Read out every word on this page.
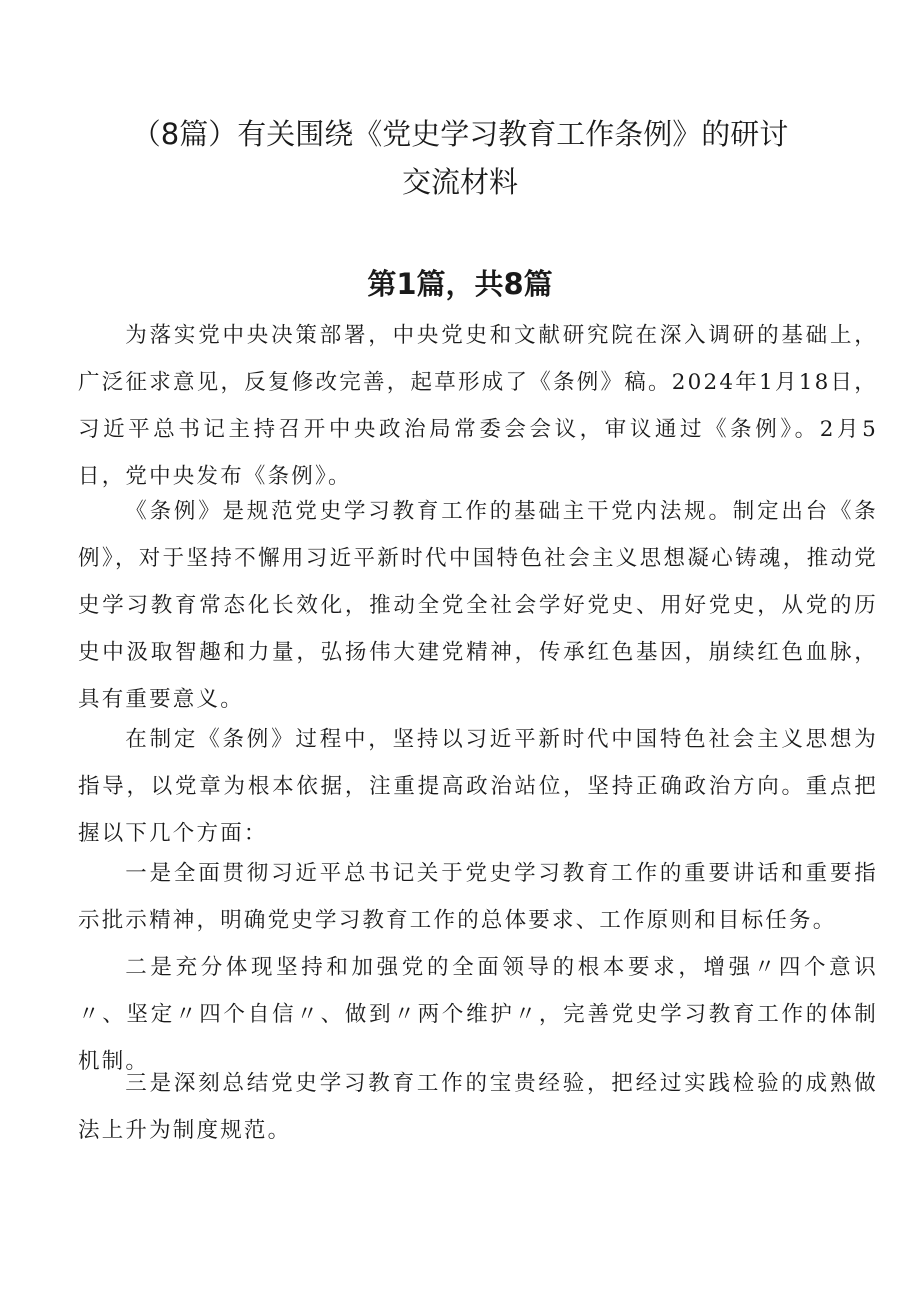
（8篇）有关围绕《党史学习教育工作条例》的研讨
交流材料
第1篇，共8篇

为落实党中央决策部署，中央党史和文献研究院在深入调研的基础上，广泛征求意见，反复修改完善，起草形成了《条例》稿。2024年1月18日，习近平总书记主持召开中央政治局常委会会议，审议通过《条例》。2月5日，党中央发布《条例》。

《条例》是规范党史学习教育工作的基础主干党内法规。制定出台《条例》，对于坚持不懈用习近平新时代中国特色社会主义思想凝心铸魂，推动党史学习教育常态化长效化，推动全党全社会学好党史、用好党史，从党的历史中汲取智趣和力量，弘扬伟大建党精神，传承红色基因，崩续红色血脉，具有重要意义。

在制定《条例》过程中，坚持以习近平新时代中国特色社会主义思想为指导，以党章为根本依据，注重提高政治站位，坚持正确政治方向。重点把握以下几个方面：

一是全面贯彻习近平总书记关于党史学习教育工作的重要讲话和重要指示批示精神，明确党史学习教育工作的总体要求、工作原则和目标任务。

二是充分体现坚持和加强党的全面领导的根本要求，增强〃四个意识〃、坚定〃四个自信〃、做到〃两个维护〃，完善党史学习教育工作的体制机制。

三是深刻总结党史学习教育工作的宝贵经验，把经过实践检验的成熟做法上升为制度规范。
